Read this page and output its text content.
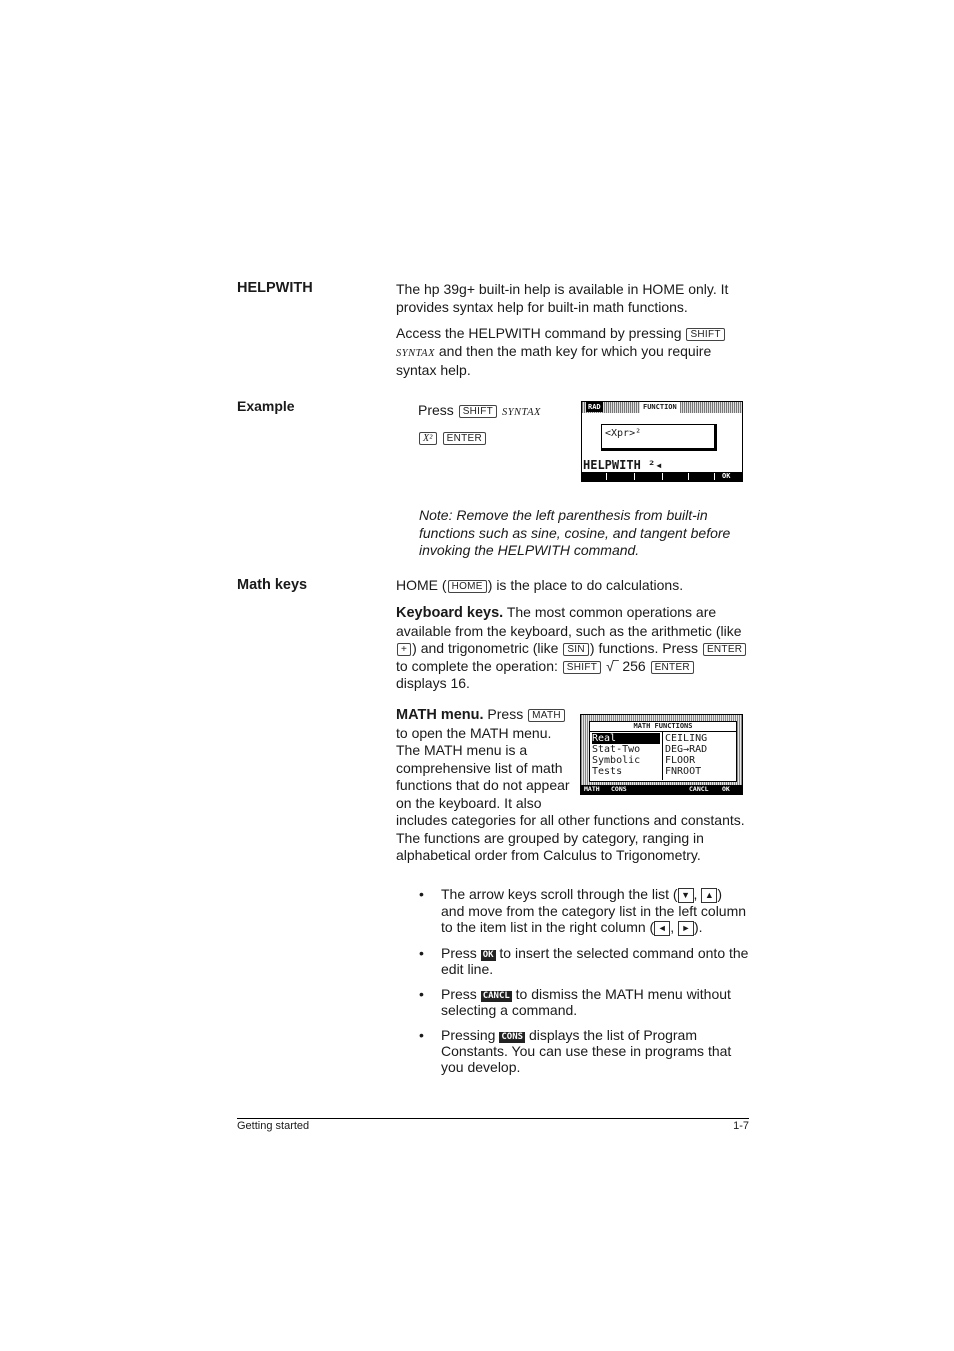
HELPWITH	The hp 39g+ built-in help is available in HOME only. It provides syntax help for built-in math functions.

Access the HELPWITH command by pressing SHIFT
SYNTAX and then the math key for which you require syntax help.

Example	Press SHIFT SYNTAX
X² ENTER
RAD	FUNCTION
<Xpr>²
HELPWITH ²◂
OK
Note: Remove the left parenthesis from built-in functions such as sine, cosine, and tangent before invoking the HELPWITH command.
Math keys	HOME ( HOME ) is the place to do calculations.
Keyboard keys. The most common operations are available from the keyboard, such as the arithmetic (like + ) and trigonometric (like SIN ) functions. Press ENTER to complete the operation: SHIFT √‾ 256 ENTER displays 16.
MATH menu. Press MATH to open the MATH menu. The MATH menu is a comprehensive list of math functions that do not appear on the keyboard. It also
includes categories for all other functions and constants. The functions are grouped by category, ranging in alphabetical order from Calculus to Trigonometry.
MATH FUNCTIONS
Real
Stat-Two
Symbolic
Tests
CEILING
DEG→RAD
FLOOR
FNROOT
MATH CONS	CANCL OK
• The arrow keys scroll through the list ( ▼ , ▲ ) and move from the category list in the left column to the item list in the right column ( ◄ , ► ).
• Press OK to insert the selected command onto the edit line.
• Press CANCL to dismiss the MATH menu without selecting a command.
• Pressing CONS displays the list of Program Constants. You can use these in programs that you develop.
Getting started	1-7
